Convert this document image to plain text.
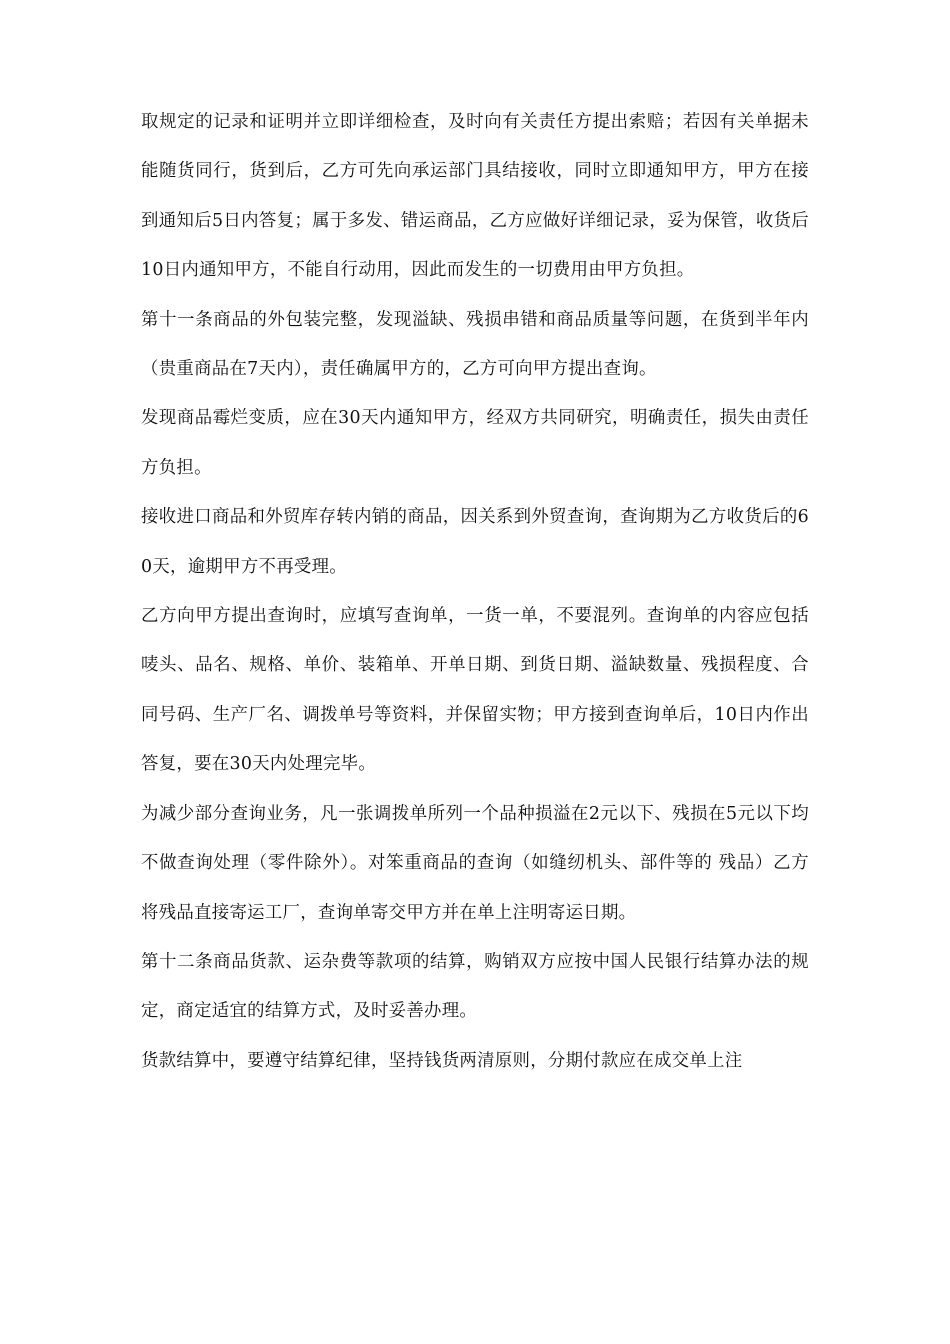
取规定的记录和证明并立即详细检查，及时向有关责任方提出索赔；若因有关单据未能随货同行，货到后，乙方可先向承运部门具结接收，同时立即通知甲方，甲方在接到通知后5日内答复；属于多发、错运商品，乙方应做好详细记录，妥为保管，收货后10日内通知甲方，不能自行动用，因此而发生的一切费用由甲方负担。

第十一条商品的外包装完整，发现溢缺、残损串错和商品质量等问题，在货到半年内（贵重商品在7天内），责任确属甲方的，乙方可向甲方提出查询。

发现商品霉烂变质，应在30天内通知甲方，经双方共同研究，明确责任，损失由责任方负担。

接收进口商品和外贸库存转内销的商品，因关系到外贸查询，查询期为乙方收货后的60天，逾期甲方不再受理。

乙方向甲方提出查询时，应填写查询单，一货一单，不要混列。查询单的内容应包括唛头、品名、规格、单价、装箱单、开单日期、到货日期、溢缺数量、残损程度、合同号码、生产厂名、调拨单号等资料，并保留实物；甲方接到查询单后，10日内作出答复，要在30天内处理完毕。

为减少部分查询业务，凡一张调拨单所列一个品种损溢在2元以下、残损在5元以下均不做查询处理（零件除外）。对笨重商品的查询（如缝纫机头、部件等的 残品）乙方将残品直接寄运工厂，查询单寄交甲方并在单上注明寄运日期。

第十二条商品货款、运杂费等款项的结算，购销双方应按中国人民银行结算办法的规定，商定适宜的结算方式，及时妥善办理。

货款结算中，要遵守结算纪律，坚持钱货两清原则，分期付款应在成交单上注
